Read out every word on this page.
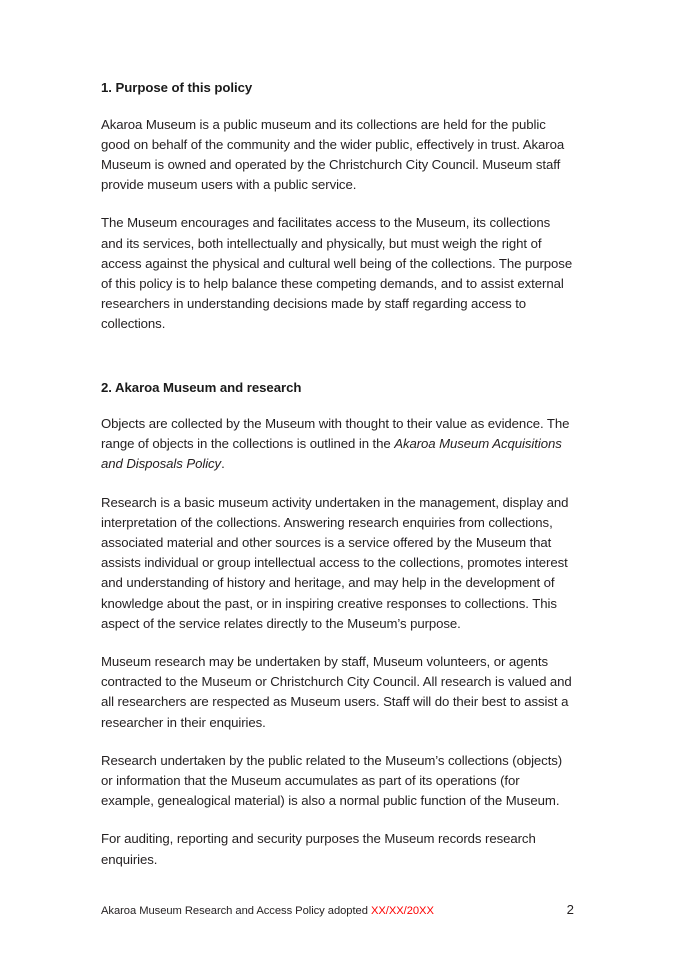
1. Purpose of this policy

Akaroa Museum is a public museum and its collections are held for the public good on behalf of the community and the wider public, effectively in trust. Akaroa Museum is owned and operated by the Christchurch City Council. Museum staff provide museum users with a public service.

The Museum encourages and facilitates access to the Museum, its collections and its services, both intellectually and physically, but must weigh the right of access against the physical and cultural well being of the collections. The purpose of this policy is to help balance these competing demands, and to assist external researchers in understanding decisions made by staff regarding access to collections.

2. Akaroa Museum and research

Objects are collected by the Museum with thought to their value as evidence. The range of objects in the collections is outlined in the Akaroa Museum Acquisitions and Disposals Policy.

Research is a basic museum activity undertaken in the management, display and interpretation of the collections. Answering research enquiries from collections, associated material and other sources is a service offered by the Museum that assists individual or group intellectual access to the collections, promotes interest and understanding of history and heritage, and may help in the development of knowledge about the past, or in inspiring creative responses to collections. This aspect of the service relates directly to the Museum’s purpose.

Museum research may be undertaken by staff, Museum volunteers, or agents contracted to the Museum or Christchurch City Council. All research is valued and all researchers are respected as Museum users. Staff will do their best to assist a researcher in their enquiries.

Research undertaken by the public related to the Museum’s collections (objects) or information that the Museum accumulates as part of its operations (for example, genealogical material) is also a normal public function of the Museum.

For auditing, reporting and security purposes the Museum records research enquiries.

Akaroa Museum Research and Access Policy adopted XX/XX/20XX	2
